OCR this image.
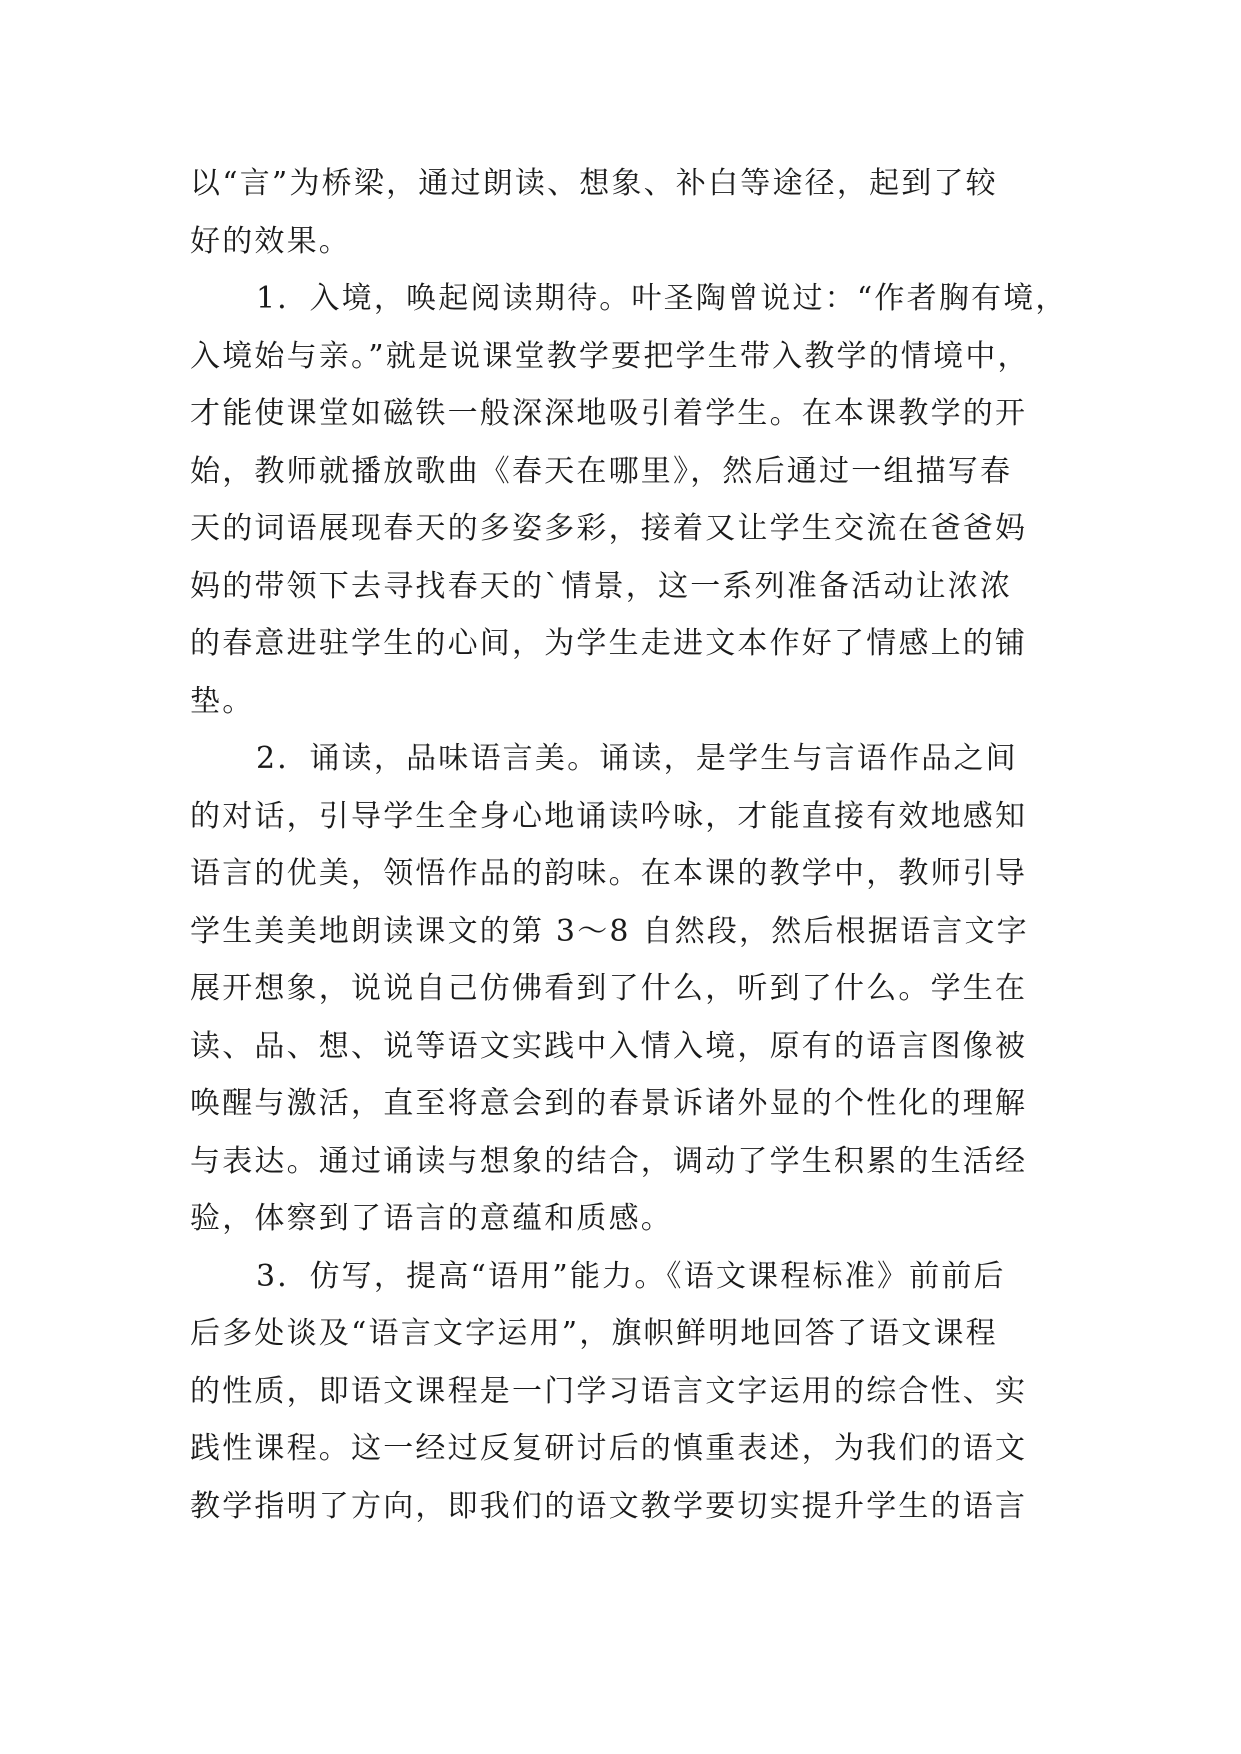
以“言”为桥梁，通过朗读、想象、补白等途径，起到了较
好的效果。
1．入境，唤起阅读期待。叶圣陶曾说过：“作者胸有境，
入境始与亲。”就是说课堂教学要把学生带入教学的情境中，
才能使课堂如磁铁一般深深地吸引着学生。在本课教学的开
始，教师就播放歌曲《春天在哪里》，然后通过一组描写春
天的词语展现春天的多姿多彩，接着又让学生交流在爸爸妈
妈的带领下去寻找春天的`情景，这一系列准备活动让浓浓
的春意进驻学生的心间，为学生走进文本作好了情感上的铺
垫。
2．诵读，品味语言美。诵读，是学生与言语作品之间
的对话，引导学生全身心地诵读吟咏，才能直接有效地感知
语言的优美，领悟作品的韵味。在本课的教学中，教师引导
学生美美地朗读课文的第 3～8 自然段，然后根据语言文字
展开想象，说说自己仿佛看到了什么，听到了什么。学生在
读、品、想、说等语文实践中入情入境，原有的语言图像被
唤醒与激活，直至将意会到的春景诉诸外显的个性化的理解
与表达。通过诵读与想象的结合，调动了学生积累的生活经
验，体察到了语言的意蕴和质感。
3．仿写，提高“语用”能力。《语文课程标准》前前后
后多处谈及“语言文字运用”，旗帜鲜明地回答了语文课程
的性质，即语文课程是一门学习语言文字运用的综合性、实
践性课程。这一经过反复研讨后的慎重表述，为我们的语文
教学指明了方向，即我们的语文教学要切实提升学生的语言
